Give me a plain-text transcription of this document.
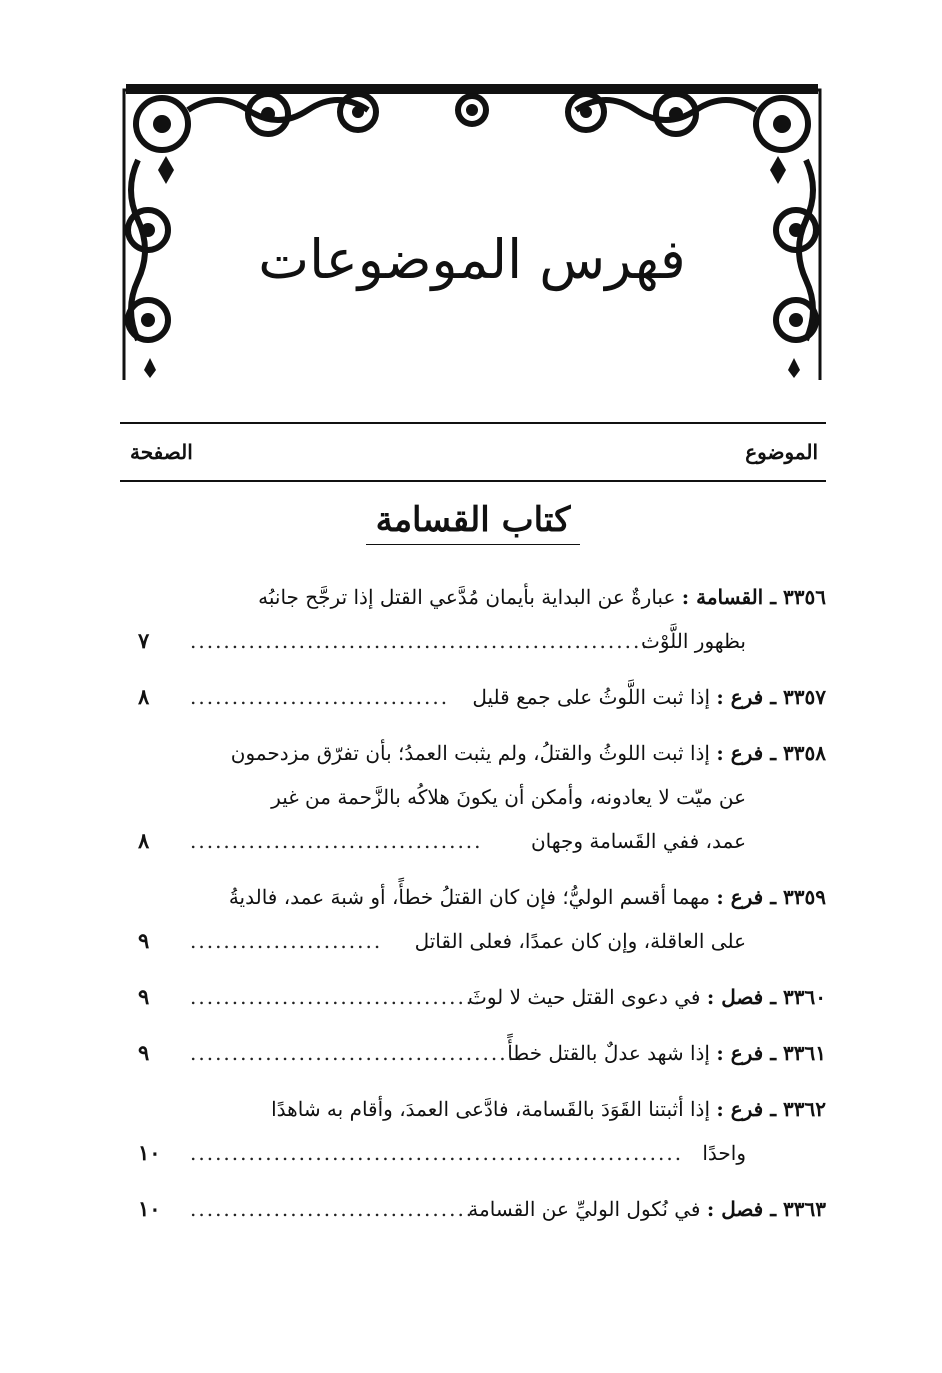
فهرس الموضوعات
الموضوع
الصفحة
كتاب القسامة
٣٣٥٦ ـ القسامة : عبارةٌ عن البداية بأيمان مُدَّعي القتل إذا ترجَّح جانبُه
بظهور اللَّوْث
.......................................................
٧
٣٣٥٧ ـ فرع : إذا ثبت اللَّوثُ على جمع قليل
...............................
٨
٣٣٥٨ ـ فرع : إذا ثبت اللوثُ والقتلُ، ولم يثبت العمدُ؛ بأن تفرّق مزدحمون
عن ميّت لا يعادونه، وأمكن أن يكونَ هلاكُه بالزَّحمة من غير
عمد، ففي القَسامة وجهان
...................................
٨
٣٣٥٩ ـ فرع : مهما أقسم الوليُّ؛ فإن كان القتلُ خطأً، أو شبهَ عمد، فالديةُ
على العاقلة، وإن كان عمدًا، فعلى القاتل
.......................
٩
٣٣٦٠ ـ فصل : في دعوى القتل حيث لا لوثَ
...................................
٩
٣٣٦١ ـ فرع : إذا شهد عدلٌ بالقتل خطأً
........................................
٩
٣٣٦٢ ـ فرع : إذا أثبتنا القَوَدَ بالقَسامة، فادَّعى العمدَ، وأقام به شاهدًا
واحدًا
...........................................................
١٠
٣٣٦٣ ـ فصل : في نُكول الوليِّ عن القسامة
..................................
١٠
